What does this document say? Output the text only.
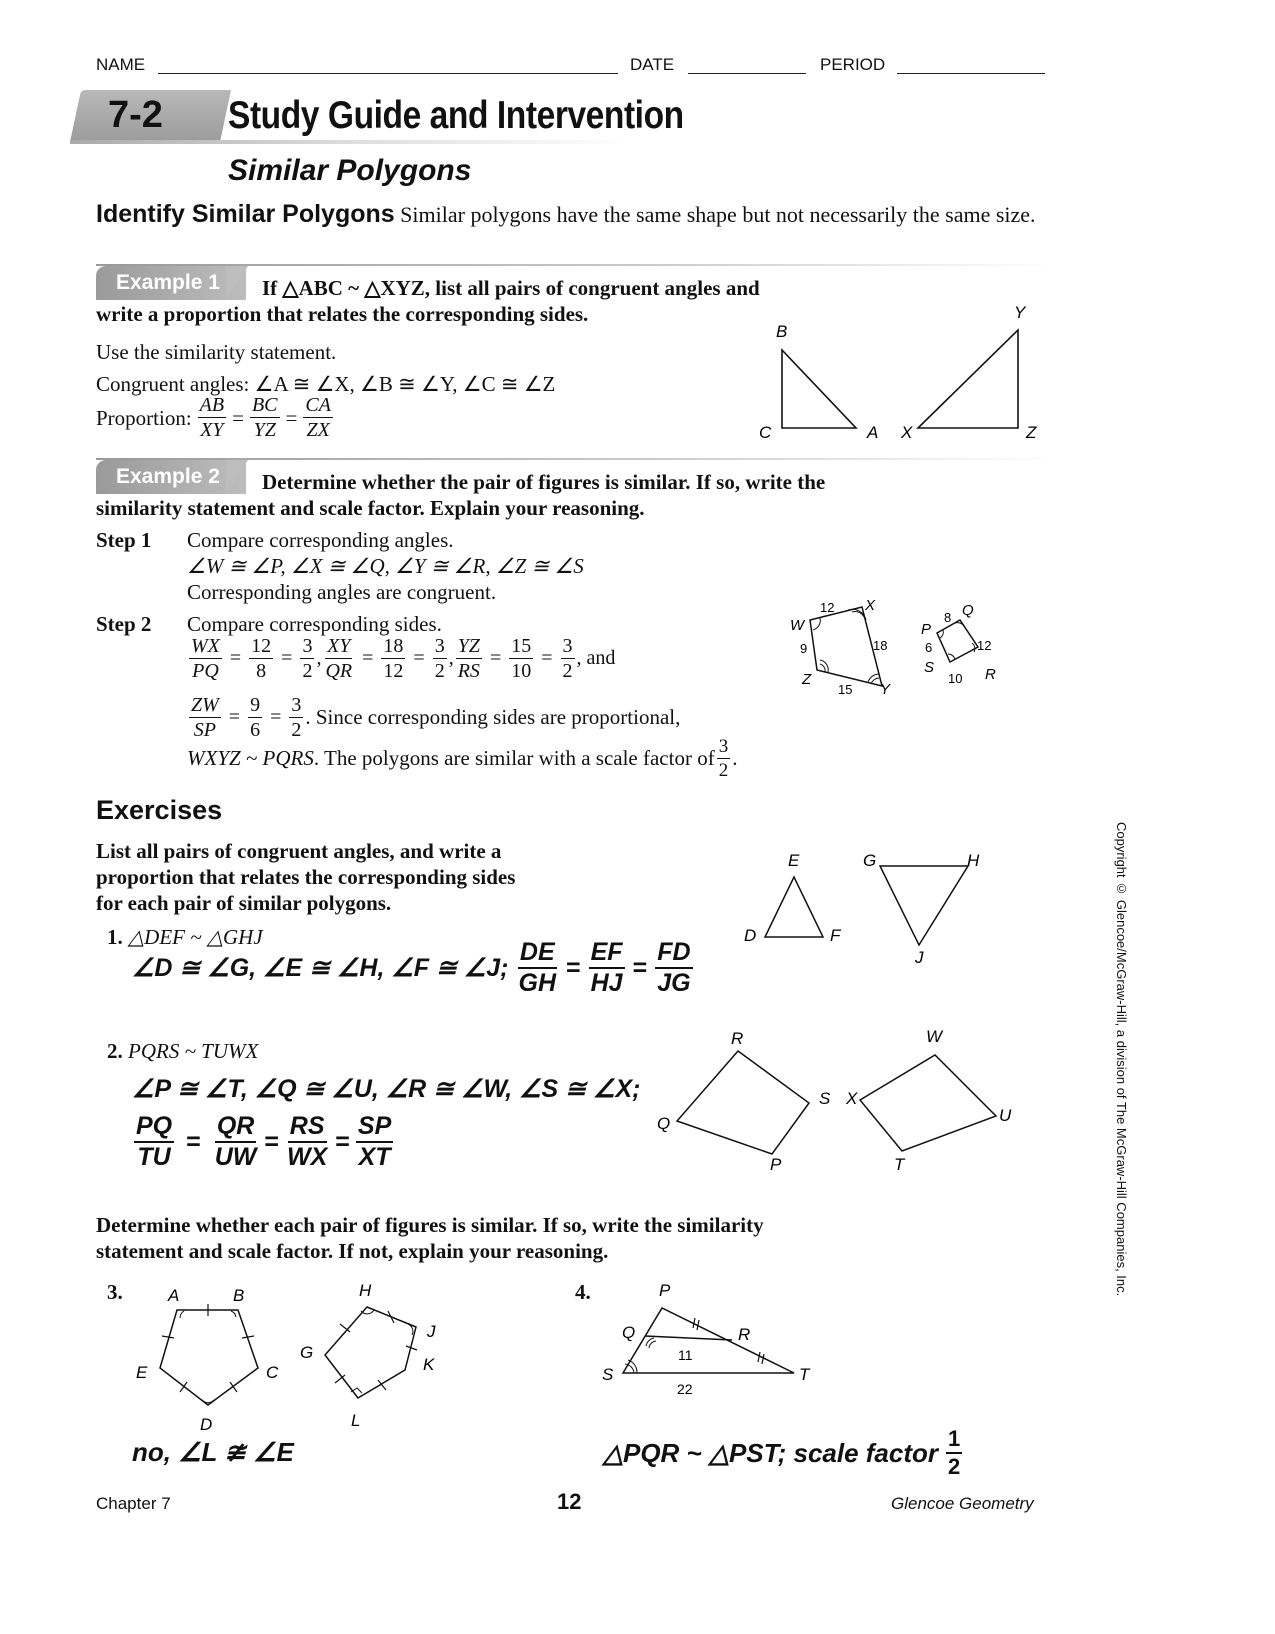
NAME	DATE	PERIOD
7-2 Study Guide and Intervention
Similar Polygons
Identify Similar Polygons Similar polygons have the same shape but not necessarily the same size.
Example 1	If △ABC ~ △XYZ, list all pairs of congruent angles and
write a proportion that relates the corresponding sides.
Use the similarity statement.
Congruent angles: ∠A ≅ ∠X, ∠B ≅ ∠Y, ∠C ≅ ∠Z
Proportion: $\frac{AB}{XY} = \frac{BC}{YZ} = \frac{CA}{ZX}$
B
C	A X
Y
Z
Example 2	Determine whether the pair of figures is similar. If so, write the
similarity statement and scale factor. Explain your reasoning.
Step 1 Compare corresponding angles.
∠W ≅ ∠P, ∠X ≅ ∠Q, ∠Y ≅ ∠R, ∠Z ≅ ∠S
Corresponding angles are congruent.
Step 2 Compare corresponding sides.
$\frac{WX}{PQ} = \frac{12}{8} = \frac{3}{2}$ , $\frac{XY}{QR} = \frac{18}{12} = \frac{3}{2}$ , $\frac{YZ}{RS} = \frac{15}{10} = \frac{3}{2}$ , and
$\frac{ZW}{SP} = \frac{9}{6} = \frac{3}{2}$ . Since corresponding sides are proportional,
WXYZ ~ PQRS . The polygons are similar with a scale factor of $\frac{3}{2}$ .
W
X
Y
Z
12
18
15
9
P
Q
R
S
8
12
10
6
Exercises
List all pairs of congruent angles, and write a
proportion that relates the corresponding sides
for each pair of similar polygons.
1. △DEF ~ △GHJ
∠D ≅ ∠G, ∠E ≅ ∠H, ∠F ≅ ∠J; $\frac{DE}{GH} = \frac{EF}{HJ} = \frac{FD}{JG}$
E
D	F
G	H
J
2. PQRS ~ TUWX
∠P ≅ ∠T, ∠Q ≅ ∠U, ∠R ≅ ∠W, ∠S ≅ ∠X;
$\frac{PQ}{TU} = \frac{QR}{UW} = \frac{RS}{WX} = \frac{SP}{XT}$
R
Q
S
P
W
X
U
T
Determine whether each pair of figures is similar. If so, write the similarity
statement and scale factor. If not, explain your reasoning.
3.	A	B
C
D
E
H
J
K
L
G
no, ∠L ≇ ∠E
4.	P
Q	R
S	T
11
22
△PQR ~ △PST; scale factor $\frac{1}{2}$
Copyright © Glencoe/McGraw-Hill, a division of The McGraw-Hill Companies, Inc.
Chapter 7	12	Glencoe Geometry
